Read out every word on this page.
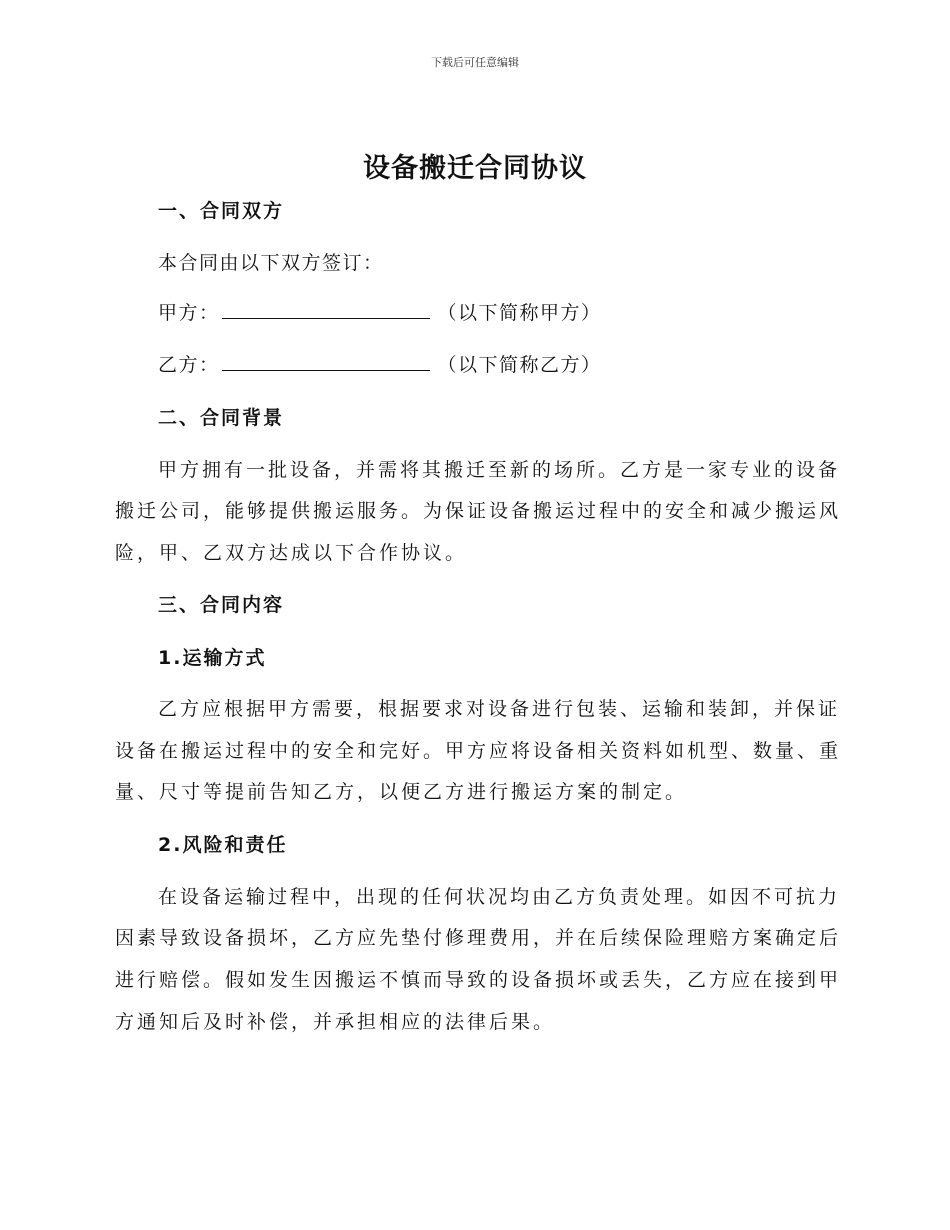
下载后可任意编辑
设备搬迁合同协议
一、合同双方
本合同由以下双方签订：
甲方：	（以下简称甲方）
乙方：	（以下简称乙方）
二、合同背景
甲方拥有一批设备，并需将其搬迁至新的场所。乙方是一家专业的设备
搬迁公司，能够提供搬运服务。为保证设备搬运过程中的安全和减少搬运风
险，甲、乙双方达成以下合作协议。
三、合同内容
1.运输方式
乙方应根据甲方需要，根据要求对设备进行包装、运输和装卸，并保证
设备在搬运过程中的安全和完好。甲方应将设备相关资料如机型、数量、重
量、尺寸等提前告知乙方，以便乙方进行搬运方案的制定。
2.风险和责任
在设备运输过程中，出现的任何状况均由乙方负责处理。如因不可抗力
因素导致设备损坏，乙方应先垫付修理费用，并在后续保险理赔方案确定后
进行赔偿。假如发生因搬运不慎而导致的设备损坏或丢失，乙方应在接到甲
方通知后及时补偿，并承担相应的法律后果。
